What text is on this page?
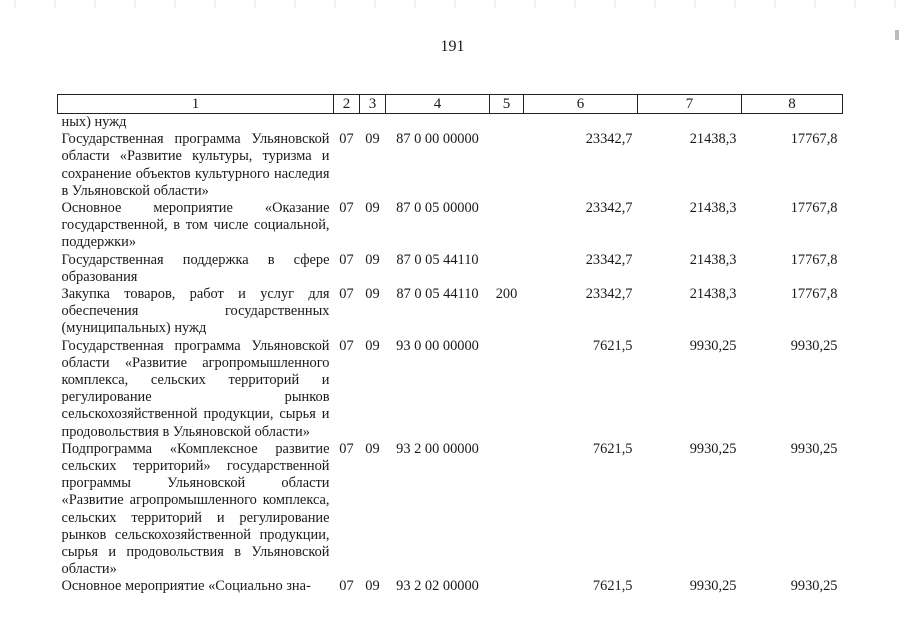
191
1	2	3	4	5	6	7	8
ных) нужд							
Государственная программа Ульяновской области «Развитие культуры, туризма и сохранение объектов культурного наследия в Ульяновской области»	07	09	87 0 00 00000		23342,7	21438,3	17767,8
Основное мероприятие «Оказание государственной, в том числе социальной, поддержки»	07	09	87 0 05 00000		23342,7	21438,3	17767,8
Государственная поддержка в сфере образования	07	09	87 0 05 44110		23342,7	21438,3	17767,8
Закупка товаров, работ и услуг для обеспечения государственных (муниципальных) нужд	07	09	87 0 05 44110	200	23342,7	21438,3	17767,8
Государственная программа Ульяновской области «Развитие агропромышленного комплекса, сельских территорий и регулирование рынков сельскохозяйственной продукции, сырья и продовольствия в Ульяновской области»	07	09	93 0 00 00000		7621,5	9930,25	9930,25
Подпрограмма «Комплексное развитие сельских территорий» государственной программы Ульяновской области «Развитие агропромышленного комплекса, сельских территорий и регулирование рынков сельскохозяйственной продукции, сырья и продовольствия в Ульяновской области»	07	09	93 2 00 00000		7621,5	9930,25	9930,25
Основное мероприятие «Социально зна-	07	09	93 2 02 00000		7621,5	9930,25	9930,25
